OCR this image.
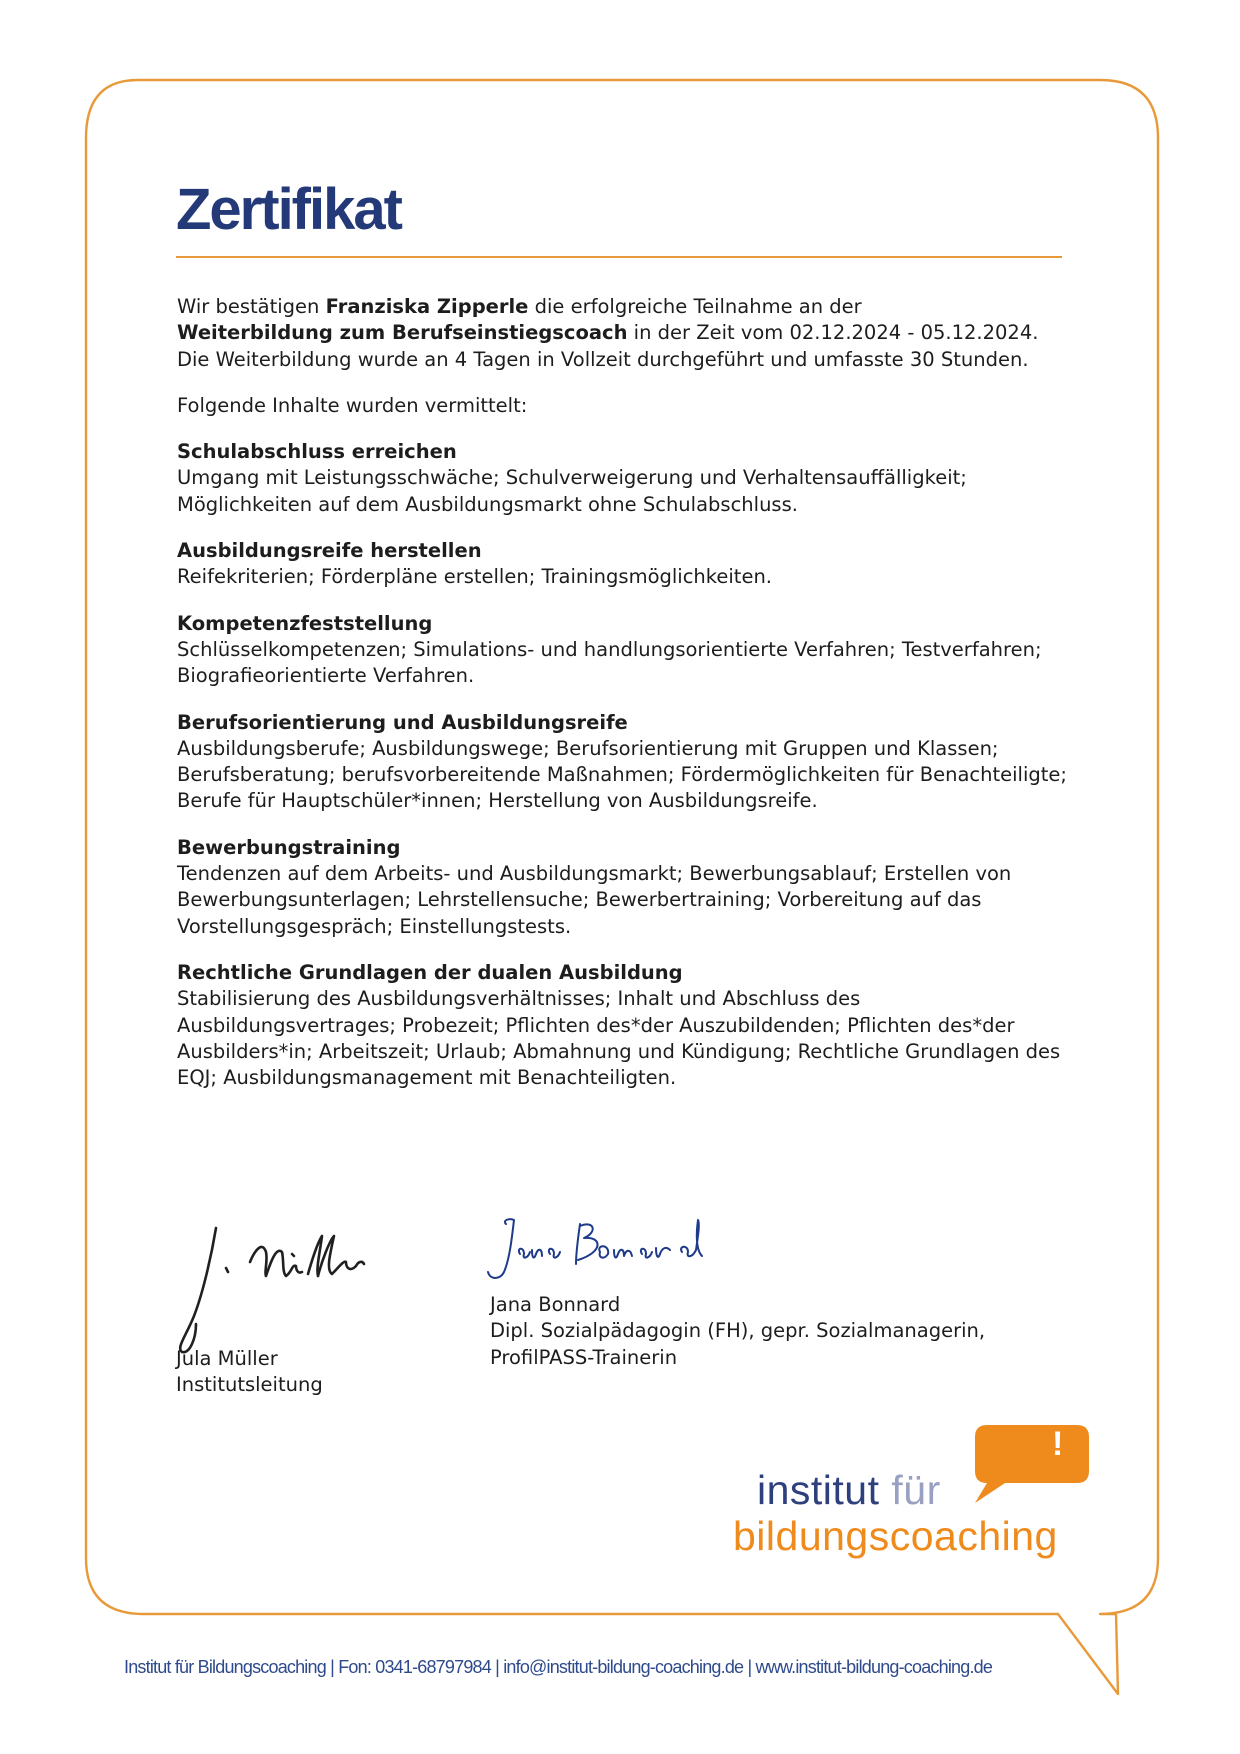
Zertifikat

Wir bestätigen Franziska Zipperle die erfolgreiche Teilnahme an der

Weiterbildung zum Berufseinstiegscoach in der Zeit vom 02.12.2024 - 05.12.2024.

Die Weiterbildung wurde an 4 Tagen in Vollzeit durchgeführt und umfasste 30 Stunden.

Folgende Inhalte wurden vermittelt:

Schulabschluss erreichen

Umgang mit Leistungsschwäche; Schulverweigerung und Verhaltensauffälligkeit; Möglichkeiten auf dem Ausbildungsmarkt ohne Schulabschluss.

Ausbildungsreife herstellen

Reifekriterien; Förderpläne erstellen; Trainingsmöglichkeiten.

Kompetenzfeststellung

Schlüsselkompetenzen; Simulations- und handlungsorientierte Verfahren; Testverfahren; Biografieorientierte Verfahren.

Berufsorientierung und Ausbildungsreife

Ausbildungsberufe; Ausbildungswege; Berufsorientierung mit Gruppen und Klassen; Berufsberatung; berufsvorbereitende Maßnahmen; Fördermöglichkeiten für Benachteiligte; Berufe für Hauptschüler*innen; Herstellung von Ausbildungsreife.

Bewerbungstraining

Tendenzen auf dem Arbeits- und Ausbildungsmarkt; Bewerbungsablauf; Erstellen von Bewerbungsunterlagen; Lehrstellensuche; Bewerbertraining; Vorbereitung auf das Vorstellungsgespräch; Einstellungstests.

Rechtliche Grundlagen der dualen Ausbildung

Stabilisierung des Ausbildungsverhältnisses; Inhalt und Abschluss des Ausbildungsvertrages; Probezeit; Pflichten des*der Auszubildenden; Pflichten des*der Ausbilders*in; Arbeitszeit; Urlaub; Abmahnung und Kündigung; Rechtliche Grundlagen des EQJ; Ausbildungsmanagement mit Benachteiligten.

Jula Müller
Institutsleitung
Jana Bonnard
Dipl. Sozialpädagogin (FH), gepr. Sozialmanagerin,
ProfilPASS-Trainerin
!
institut für
bildungscoaching
Institut für Bildungscoaching | Fon: 0341-68797984 | info@institut-bildung-coaching.de | www.institut-bildung-coaching.de
